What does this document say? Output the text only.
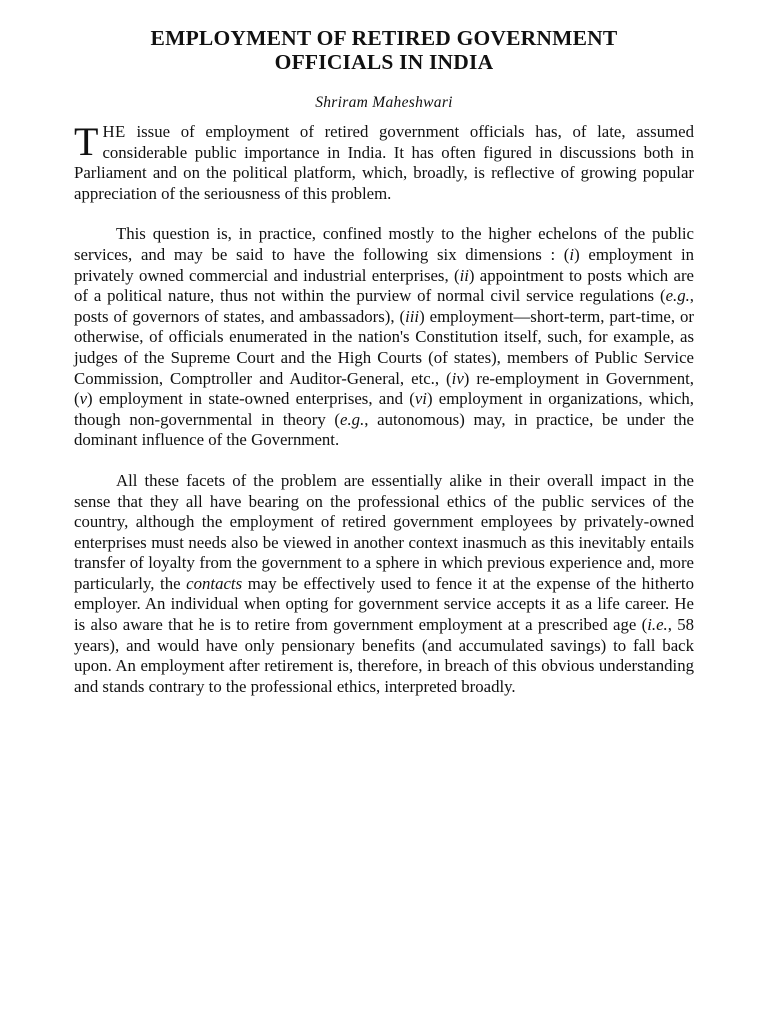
EMPLOYMENT OF RETIRED GOVERNMENT
OFFICIALS IN INDIA
Shriram Maheshwari

THE issue of employment of retired government officials has, of late, assumed considerable public importance in India. It has often figured in discussions both in Parliament and on the political platform, which, broadly, is reflective of growing popular appreciation of the seriousness of this problem.

This question is, in practice, confined mostly to the higher echelons of the public services, and may be said to have the following six dimensions : (i) employment in privately owned commercial and industrial enterprises, (ii) appointment to posts which are of a political nature, thus not within the purview of normal civil service regulations (e.g., posts of governors of states, and ambassadors), (iii) employment—short-term, part-time, or otherwise, of officials enumerated in the nation's Constitution itself, such, for example, as judges of the Supreme Court and the High Courts (of states), members of Public Service Commission, Comptroller and Auditor-General, etc., (iv) re-employment in Government, (v) employment in state-owned enterprises, and (vi) employment in organizations, which, though non-governmental in theory (e.g., autonomous) may, in practice, be under the dominant influence of the Government.

All these facets of the problem are essentially alike in their overall impact in the sense that they all have bearing on the professional ethics of the public services of the country, although the employment of retired government employees by privately-owned enterprises must needs also be viewed in another context inasmuch as this inevitably entails transfer of loyalty from the government to a sphere in which previous experience and, more particularly, the contacts may be effectively used to fence it at the expense of the hitherto employer. An individual when opting for government service accepts it as a life career. He is also aware that he is to retire from government employment at a prescribed age (i.e., 58 years), and would have only pensionary benefits (and accumulated savings) to fall back upon. An employment after retirement is, therefore, in breach of this obvious understanding and stands contrary to the professional ethics, interpreted broadly.
